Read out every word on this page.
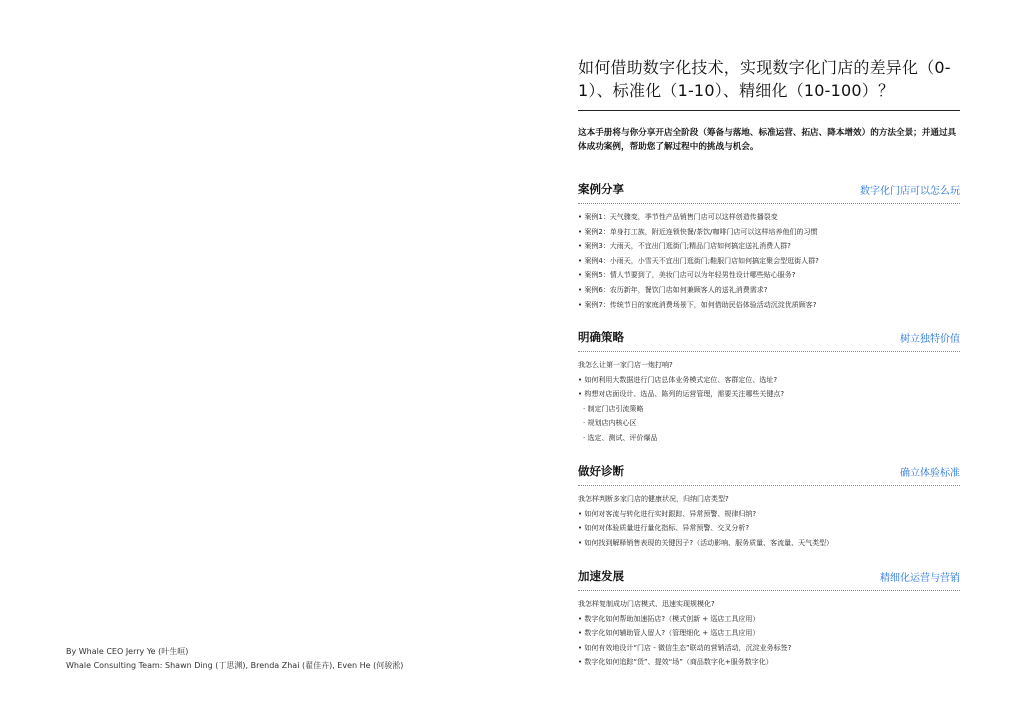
By Whale CEO Jerry Ye (叶生晅)
Whale Consulting Team: Shawn Ding (丁思渊), Brenda Zhai (翟佳卉), Even He (何骏淞)
如何借助数字化技术，实现数字化门店的差异化（0-1）、标准化（1-10）、精细化（10-100）？
这本手册将与你分享开店全阶段（筹备与落地、标准运营、拓店、降本增效）的方法全景；并通过具体成功案例，帮助您了解过程中的挑战与机会。
案例分享	数字化门店可以怎么玩
• 案例1：天气骤变，季节性产品销售门店可以这样创造传播裂变
• 案例2：单身打工族，附近连锁快餐/茶饮/咖啡门店可以这样培养他们的习惯
• 案例3：大雨天，不宜出门逛街门;精品门店如何搞定送礼消费人群?
• 案例4：小雨天，小雪天不宜出门逛街门;鞋服门店如何搞定聚会型逛街人群?
• 案例5：情人节要到了，美妆门店可以为年轻男性设计哪些贴心服务?
• 案例6：农历新年，餐饮门店如何兼顾客人的送礼消费需求?
• 案例7：传统节日的家庭消费场景下，如何借助民俗体验活动沉淀优质顾客?
明确策略	树立独特价值
我怎么让第一家门店一炮打响?
• 如何利用大数据进行门店总体业务模式定位、客群定位、选址?
• 构想对店面设计、选品、陈列的运营管理，需要关注哪些关键点?
· 制定门店引流策略
· 规划店内核心区
· 选定、测试、评价爆品
做好诊断	确立体验标准
我怎样判断多家门店的健康状况，归纳门店类型?
• 如何对客流与转化进行实时跟踪、异常预警、规律归纳?
• 如何对体验质量进行量化指标、异常预警、交叉分析?
• 如何找到解释销售表现的关键因子?（活动影响、服务质量、客流量、天气类型）
加速发展	精细化运营与营销
我怎样复制成功门店模式、迅速实现规模化?
• 数字化如何帮助加速拓店?（模式创新 + 巡店工具应用）
• 数字化如何辅助管人留人?（管理细化 + 巡店工具应用）
• 如何有效地设计“门店 - 微信生态”联动的营销活动，沉淀业务标签?
• 数字化如何追踪“货”、提效“场”（商品数字化+服务数字化）
